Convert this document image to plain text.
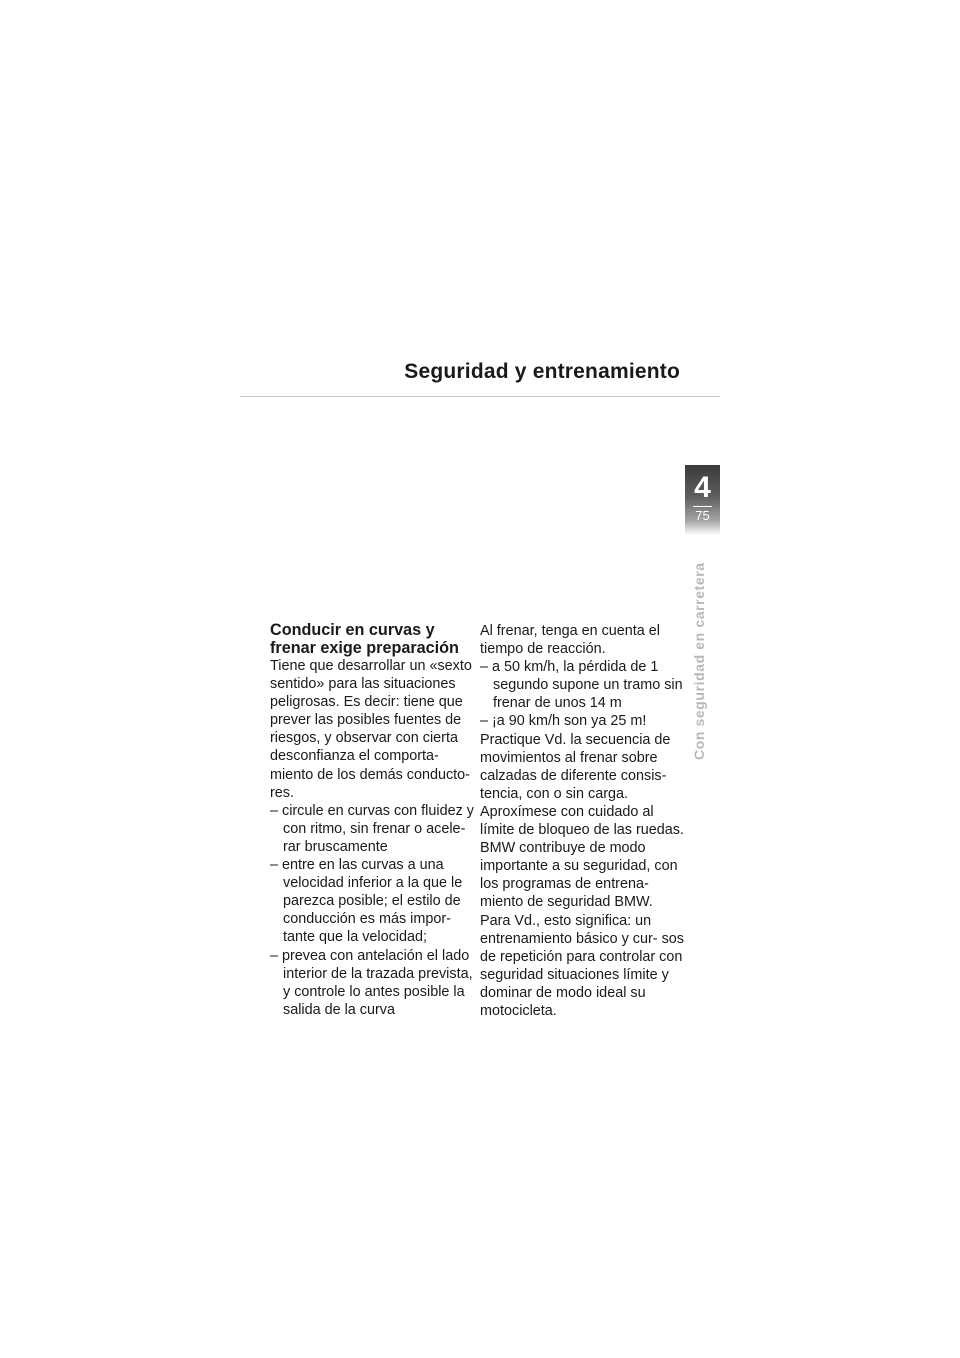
Seguridad y entrenamiento
4
75
Con seguridad en carretera

Conducir en curvas y
frenar exige preparación

Tiene que desarrollar un «sexto sentido» para las situaciones peligrosas. Es decir: tiene que prever las posibles fuentes de riesgos, y observar con cierta desconfianza el comporta- miento de los demás conducto- res.

– circule en curvas con fluidez y con ritmo, sin frenar o acele- rar bruscamente

– entre en las curvas a una velocidad inferior a la que le parezca posible; el estilo de conducción es más impor- tante que la velocidad;

– prevea con antelación el lado interior de la trazada prevista, y controle lo antes posible la salida de la curva

Al frenar, tenga en cuenta el tiempo de reacción.

– a 50 km/h, la pérdida de 1 segundo supone un tramo sin frenar de unos 14 m

– ¡a 90 km/h son ya 25 m!

Practique Vd. la secuencia de movimientos al frenar sobre calzadas de diferente consis- tencia, con o sin carga. Aproxímese con cuidado al límite de bloqueo de las ruedas.

BMW contribuye de modo importante a su seguridad, con los programas de entrena- miento de seguridad BMW.

Para Vd., esto significa: un entrenamiento básico y cur- sos de repetición para controlar con seguridad situaciones límite y dominar de modo ideal su motocicleta.
